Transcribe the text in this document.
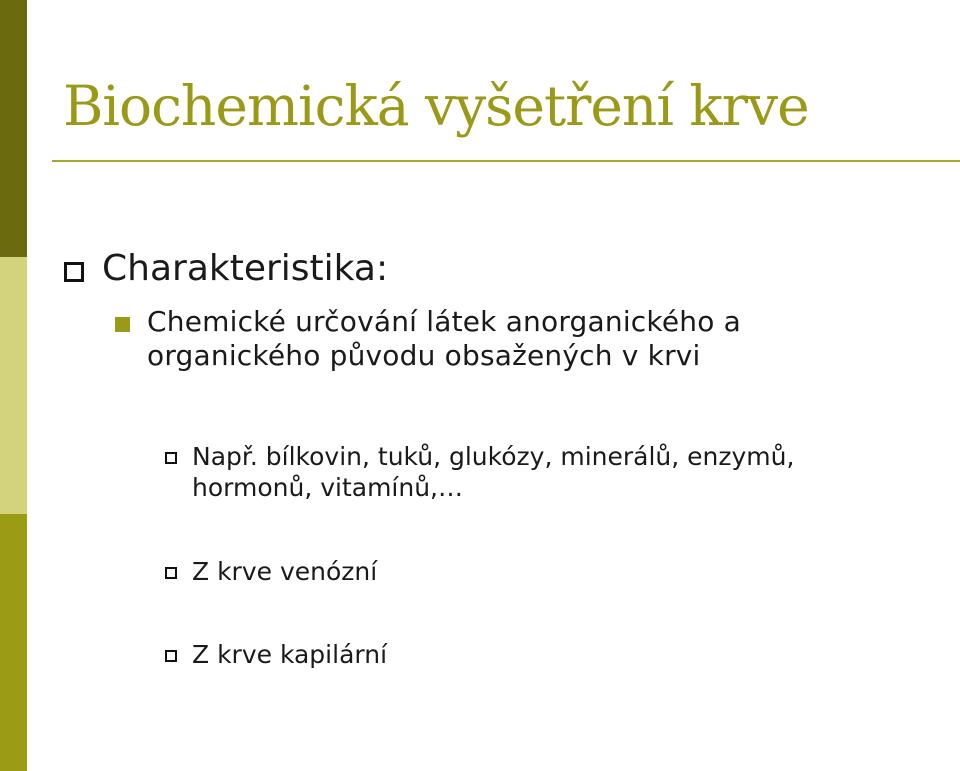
Biochemická vyšetření krve
Charakteristika:
Chemické určování látek anorganického a
organického původu obsažených v krvi
Např. bílkovin, tuků, glukózy, minerálů, enzymů,
hormonů, vitamínů,…
Z krve venózní
Z krve kapilární
